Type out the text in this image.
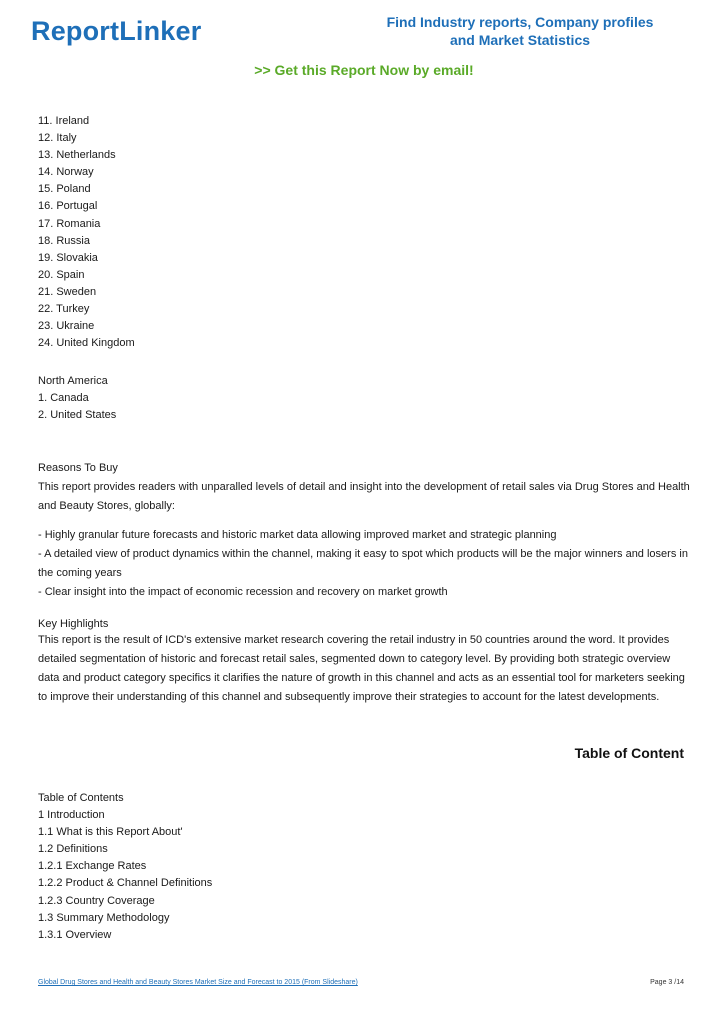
ReportLinker	Find Industry reports, Company profiles
and Market Statistics
>> Get this Report Now by email!
11. Ireland
12. Italy
13. Netherlands
14. Norway
15. Poland
16. Portugal
17. Romania
18. Russia
19. Slovakia
20. Spain
21. Sweden
22. Turkey
23. Ukraine
24. United Kingdom
North America
1. Canada
2. United States
Reasons To Buy

This report provides readers with unparalled levels of detail and insight into the development of retail sales via Drug Stores and Health and Beauty Stores, globally:

- Highly granular future forecasts and historic market data allowing improved market and strategic planning

- A detailed view of product dynamics within the channel, making it easy to spot which products will be the major winners and losers in the coming years

- Clear insight into the impact of economic recession and recovery on market growth

Key Highlights

This report is the result of ICD's extensive market research covering the retail industry in 50 countries around the word. It provides detailed segmentation of historic and forecast retail sales, segmented down to category level. By providing both strategic overview data and product category specifics it clarifies the nature of growth in this channel and acts as an essential tool for marketers seeking to improve their understanding of this channel and subsequently improve their strategies to account for the latest developments.

Table of Content
Table of Contents
1 Introduction
1.1 What is this Report About'
1.2 Definitions
1.2.1 Exchange Rates
1.2.2 Product & Channel Definitions
1.2.3 Country Coverage
1.3 Summary Methodology
1.3.1 Overview
Global Drug Stores and Health and Beauty Stores Market Size and Forecast to 2015 (From Slideshare)	Page 3 /14
